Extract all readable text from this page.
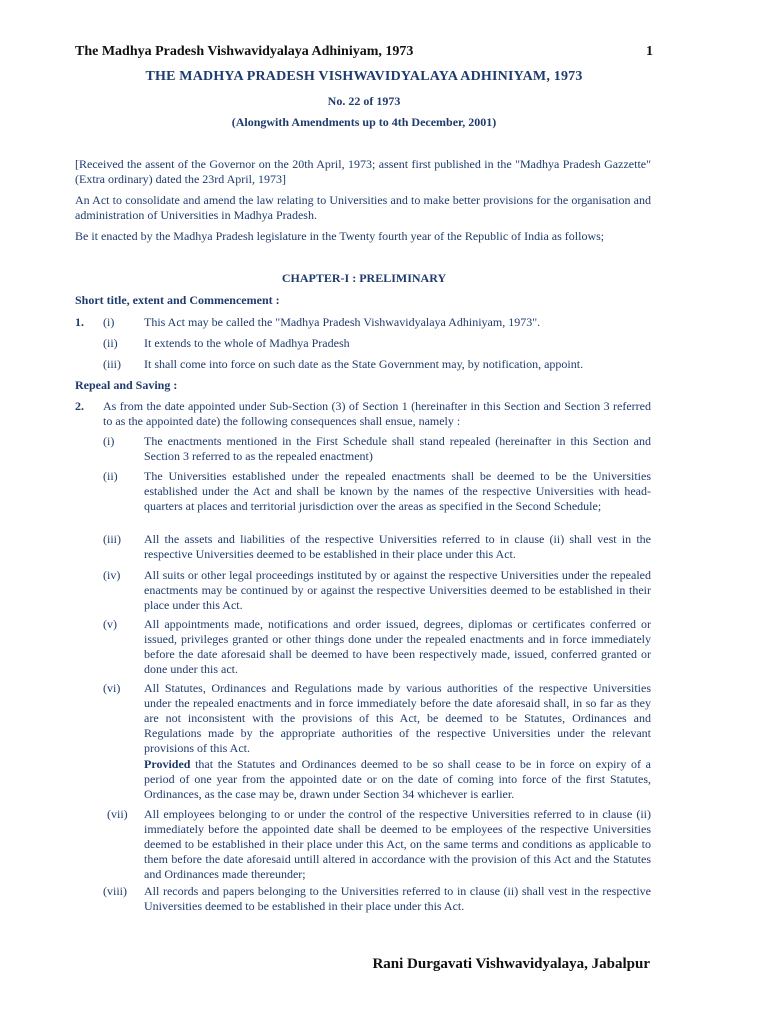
The Madhya Pradesh Vishwavidyalaya Adhiniyam, 1973	1
THE MADHYA PRADESH VISHWAVIDYALAYA ADHINIYAM, 1973
No. 22 of 1973
(Alongwith Amendments up to 4th December, 2001)
[Received the assent of the Governor on the 20th April, 1973; assent first published in the "Madhya Pradesh Gazzette" (Extra ordinary) dated the 23rd April, 1973]
An Act to consolidate and amend the law relating to Universities and to make better provisions for the organisation and administration of Universities in Madhya Pradesh.
Be it enacted by the Madhya Pradesh legislature in the Twenty fourth year of the Republic of India as follows;
CHAPTER-I : PRELIMINARY
Short title, extent and Commencement :
1. (i) This Act may be called the "Madhya Pradesh Vishwavidyalaya Adhiniyam, 1973".
(ii) It extends to the whole of Madhya Pradesh
(iii) It shall come into force on such date as the State Government may, by notification, appoint.
Repeal and Saving :
2. As from the date appointed under Sub-Section (3) of Section 1 (hereinafter in this Section and Section 3 referred to as the appointed date) the following consequences shall ensue, namely :
(i) The enactments mentioned in the First Schedule shall stand repealed (hereinafter in this Section and Section 3 referred to as the repealed enactment)
(ii) The Universities established under the repealed enactments shall be deemed to be the Universities established under the Act and shall be known by the names of the respective Universities with head-quarters at places and territorial jurisdiction over the areas as specified in the Second Schedule;
(iii) All the assets and liabilities of the respective Universities referred to in clause (ii) shall vest in the respective Universities deemed to be established in their place under this Act.
(iv) All suits or other legal proceedings instituted by or against the respective Universities under the repealed enactments may be continued by or against the respective Universities deemed to be established in their place under this Act.
(v) All appointments made, notifications and order issued, degrees, diplomas or certificates conferred or issued, privileges granted or other things done under the repealed enactments and in force immediately before the date aforesaid shall be deemed to have been respectively made, issued, conferred granted or done under this act.
(vi) All Statutes, Ordinances and Regulations made by various authorities of the respective Universities under the repealed enactments and in force immediately before the date aforesaid shall, in so far as they are not inconsistent with the provisions of this Act, be deemed to be Statutes, Ordinances and Regulations made by the appropriate authorities of the respective Universities under the relevant provisions of this Act.
Provided that the Statutes and Ordinances deemed to be so shall cease to be in force on expiry of a period of one year from the appointed date or on the date of coming into force of the first Statutes, Ordinances, as the case may be, drawn under Section 34 whichever is earlier.
(vii) All employees belonging to or under the control of the respective Universities referred to in clause (ii) immediately before the appointed date shall be deemed to be employees of the respective Universities deemed to be established in their place under this Act, on the same terms and conditions as applicable to them before the date aforesaid untill altered in accordance with the provision of this Act and the Statutes and Ordinances made thereunder;
(viii) All records and papers belonging to the Universities referred to in clause (ii) shall vest in the respective Universities deemed to be established in their place under this Act.
Rani Durgavati Vishwavidyalaya, Jabalpur
